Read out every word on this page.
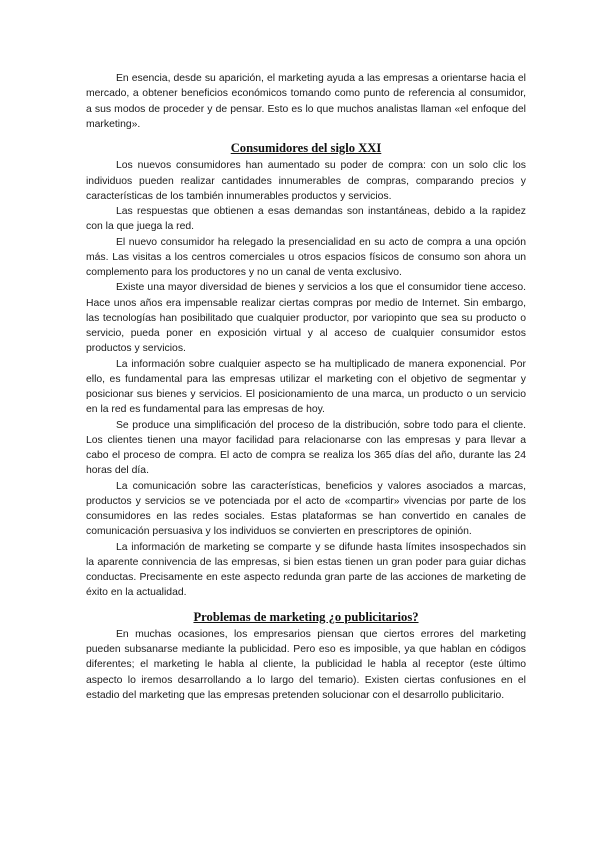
En esencia, desde su aparición, el marketing ayuda a las empresas a orientarse hacia el mercado, a obtener beneficios económicos tomando como punto de referencia al consumidor, a sus modos de proceder y de pensar. Esto es lo que muchos analistas llaman «el enfoque del marketing».

Consumidores del siglo XXI

Los nuevos consumidores han aumentado su poder de compra: con un solo clic los individuos pueden realizar cantidades innumerables de compras, comparando precios y características de los también innumerables productos y servicios.

Las respuestas que obtienen a esas demandas son instantáneas, debido a la rapidez con la que juega la red.

El nuevo consumidor ha relegado la presencialidad en su acto de compra a una opción más. Las visitas a los centros comerciales u otros espacios físicos de consumo son ahora un complemento para los productores y no un canal de venta exclusivo.

Existe una mayor diversidad de bienes y servicios a los que el consumidor tiene acceso. Hace unos años era impensable realizar ciertas compras por medio de Internet. Sin embargo, las tecnologías han posibilitado que cualquier productor, por variopinto que sea su producto o servicio, pueda poner en exposición virtual y al acceso de cualquier consumidor estos productos y servicios.

La información sobre cualquier aspecto se ha multiplicado de manera exponencial. Por ello, es fundamental para las empresas utilizar el marketing con el objetivo de segmentar y posicionar sus bienes y servicios. El posicionamiento de una marca, un producto o un servicio en la red es fundamental para las empresas de hoy.

Se produce una simplificación del proceso de la distribución, sobre todo para el cliente. Los clientes tienen una mayor facilidad para relacionarse con las empresas y para llevar a cabo el proceso de compra. El acto de compra se realiza los 365 días del año, durante las 24 horas del día.

La comunicación sobre las características, beneficios y valores asociados a marcas, productos y servicios se ve potenciada por el acto de «compartir» vivencias por parte de los consumidores en las redes sociales. Estas plataformas se han convertido en canales de comunicación persuasiva y los individuos se convierten en prescriptores de opinión.

La información de marketing se comparte y se difunde hasta límites insospechados sin la aparente connivencia de las empresas, si bien estas tienen un gran poder para guiar dichas conductas. Precisamente en este aspecto redunda gran parte de las acciones de marketing de éxito en la actualidad.

Problemas de marketing ¿o publicitarios?

En muchas ocasiones, los empresarios piensan que ciertos errores del marketing pueden subsanarse mediante la publicidad. Pero eso es imposible, ya que hablan en códigos diferentes; el marketing le habla al cliente, la publicidad le habla al receptor (este último aspecto lo iremos desarrollando a lo largo del temario). Existen ciertas confusiones en el estadio del marketing que las empresas pretenden solucionar con el desarrollo publicitario.
